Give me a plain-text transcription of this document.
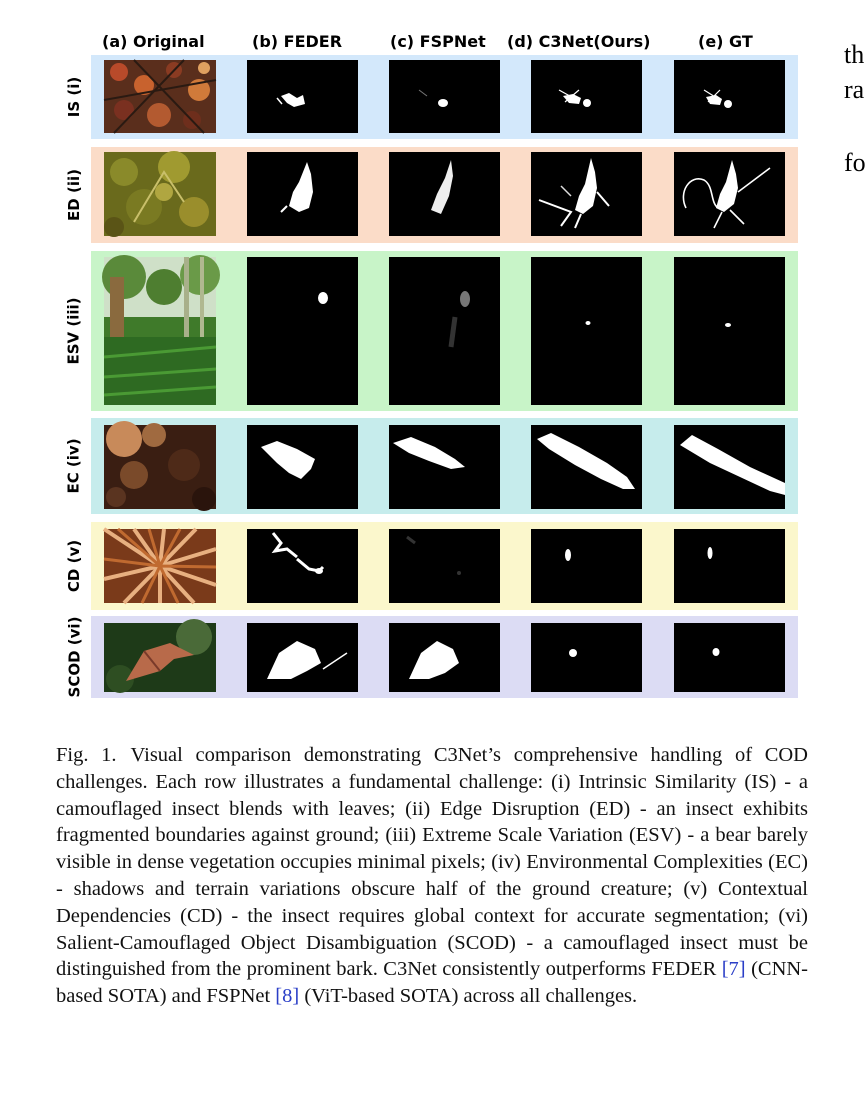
(a) Original	(b) FEDER	(c) FSPNet (d) C3Net(Ours)	(e) GT	th
ra
fo
IS (i)
ED (ii)
ESV (iii)
EC (iv)
CD (v)
SCOD (vi)
Fig. 1. Visual comparison demonstrating C3Net’s comprehensive handling of COD challenges. Each row illustrates a fundamental challenge: (i) Intrinsic Similarity (IS) - a camouflaged insect blends with leaves; (ii) Edge Disruption (ED) - an insect exhibits fragmented boundaries against ground; (iii) Extreme Scale Variation (ESV) - a bear barely visible in dense vegetation occupies minimal pixels; (iv) Environmental Complexities (EC) - shadows and terrain variations obscure half of the ground creature; (v) Contextual Dependencies (CD) - the insect requires global context for accurate segmentation; (vi) Salient-Camouflaged Object Disambiguation (SCOD) - a camouflaged insect must be distinguished from the prominent bark. C3Net consistently outperforms FEDER [7] (CNN-based SOTA) and FSPNet [8] (ViT-based SOTA) across all challenges.
